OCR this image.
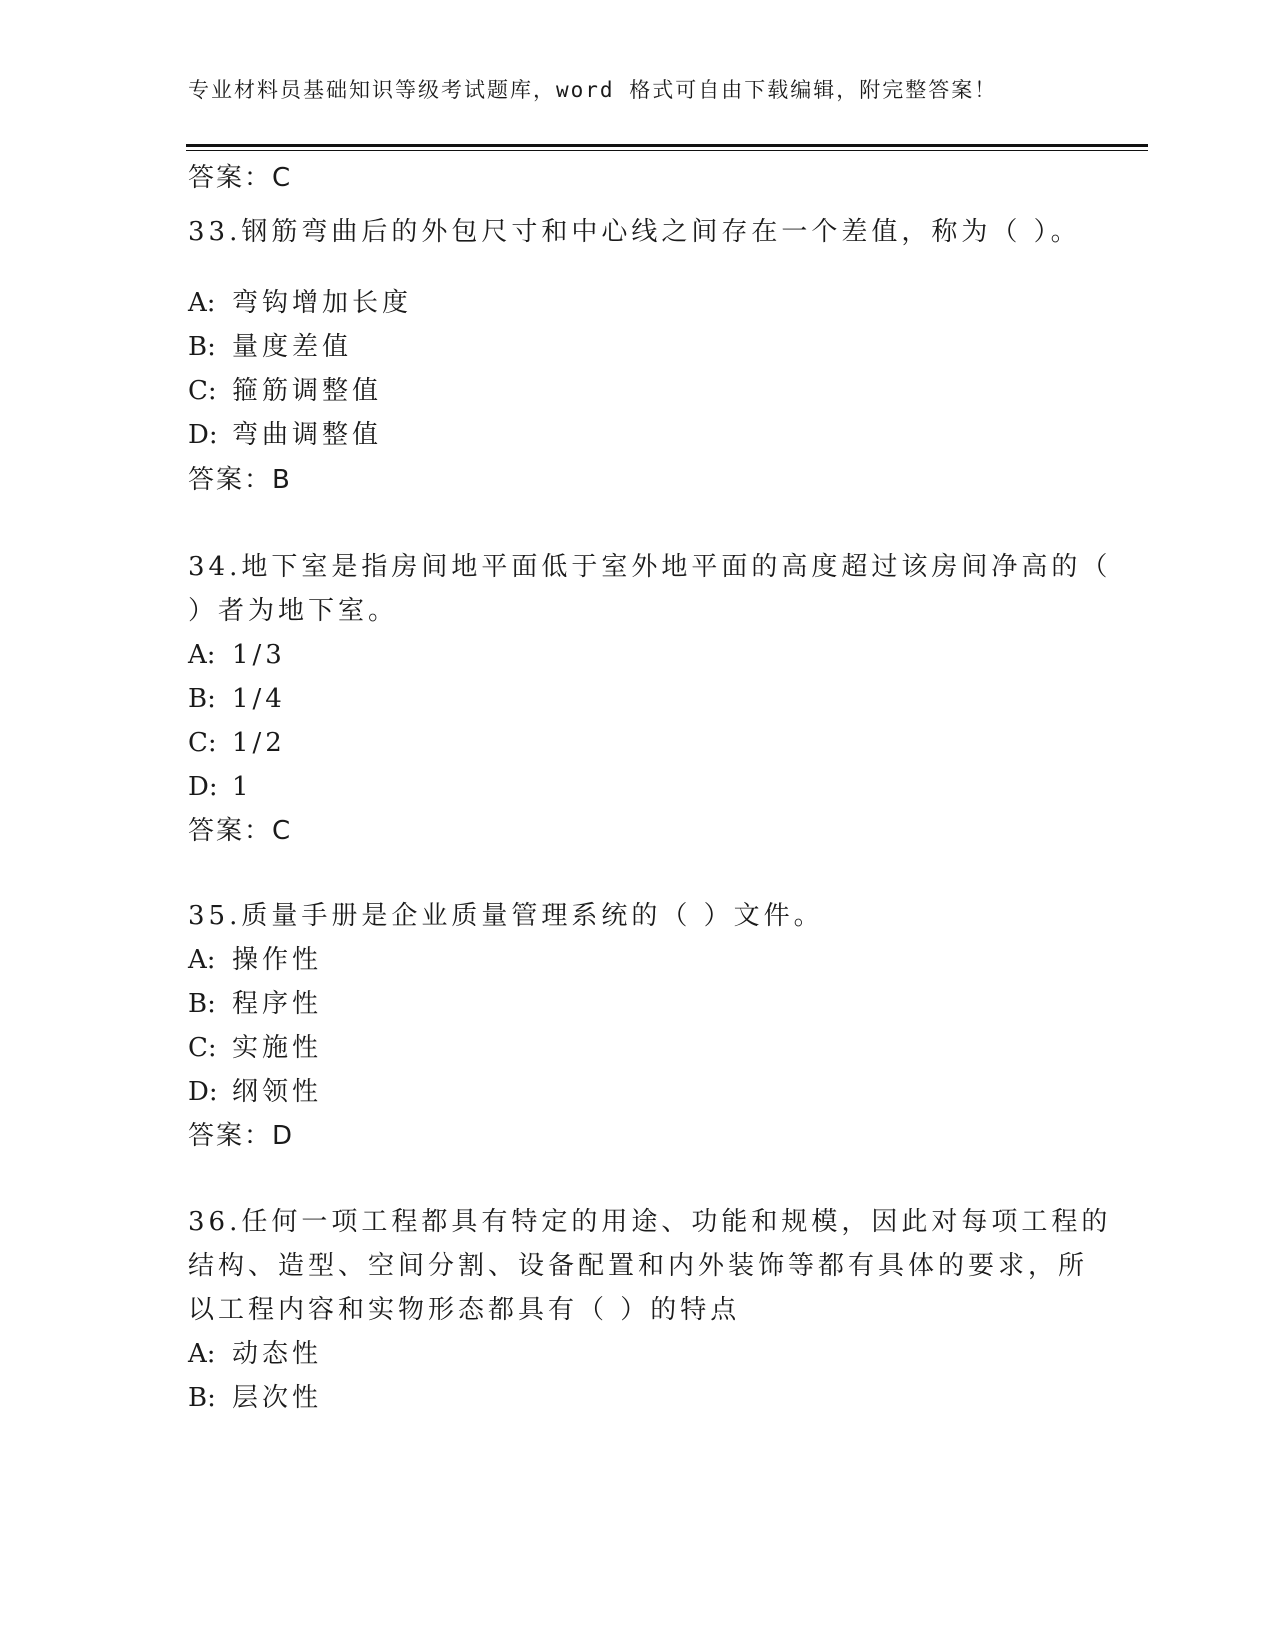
专业材料员基础知识等级考试题库，word 格式可自由下载编辑，附完整答案！
答案：C
33.钢筋弯曲后的外包尺寸和中心线之间存在一个差值，称为（ ）。
A: 弯钩增加长度
B: 量度差值
C: 箍筋调整值
D: 弯曲调整值
答案：B
34.地下室是指房间地平面低于室外地平面的高度超过该房间净高的（
）者为地下室。
A: 1/3
B: 1/4
C: 1/2
D: 1
答案：C
35.质量手册是企业质量管理系统的（ ）文件。
A: 操作性
B: 程序性
C: 实施性
D: 纲领性
答案：D
36.任何一项工程都具有特定的用途、功能和规模，因此对每项工程的
结构、造型、空间分割、设备配置和内外装饰等都有具体的要求，所
以工程内容和实物形态都具有（ ）的特点
A: 动态性
B: 层次性
